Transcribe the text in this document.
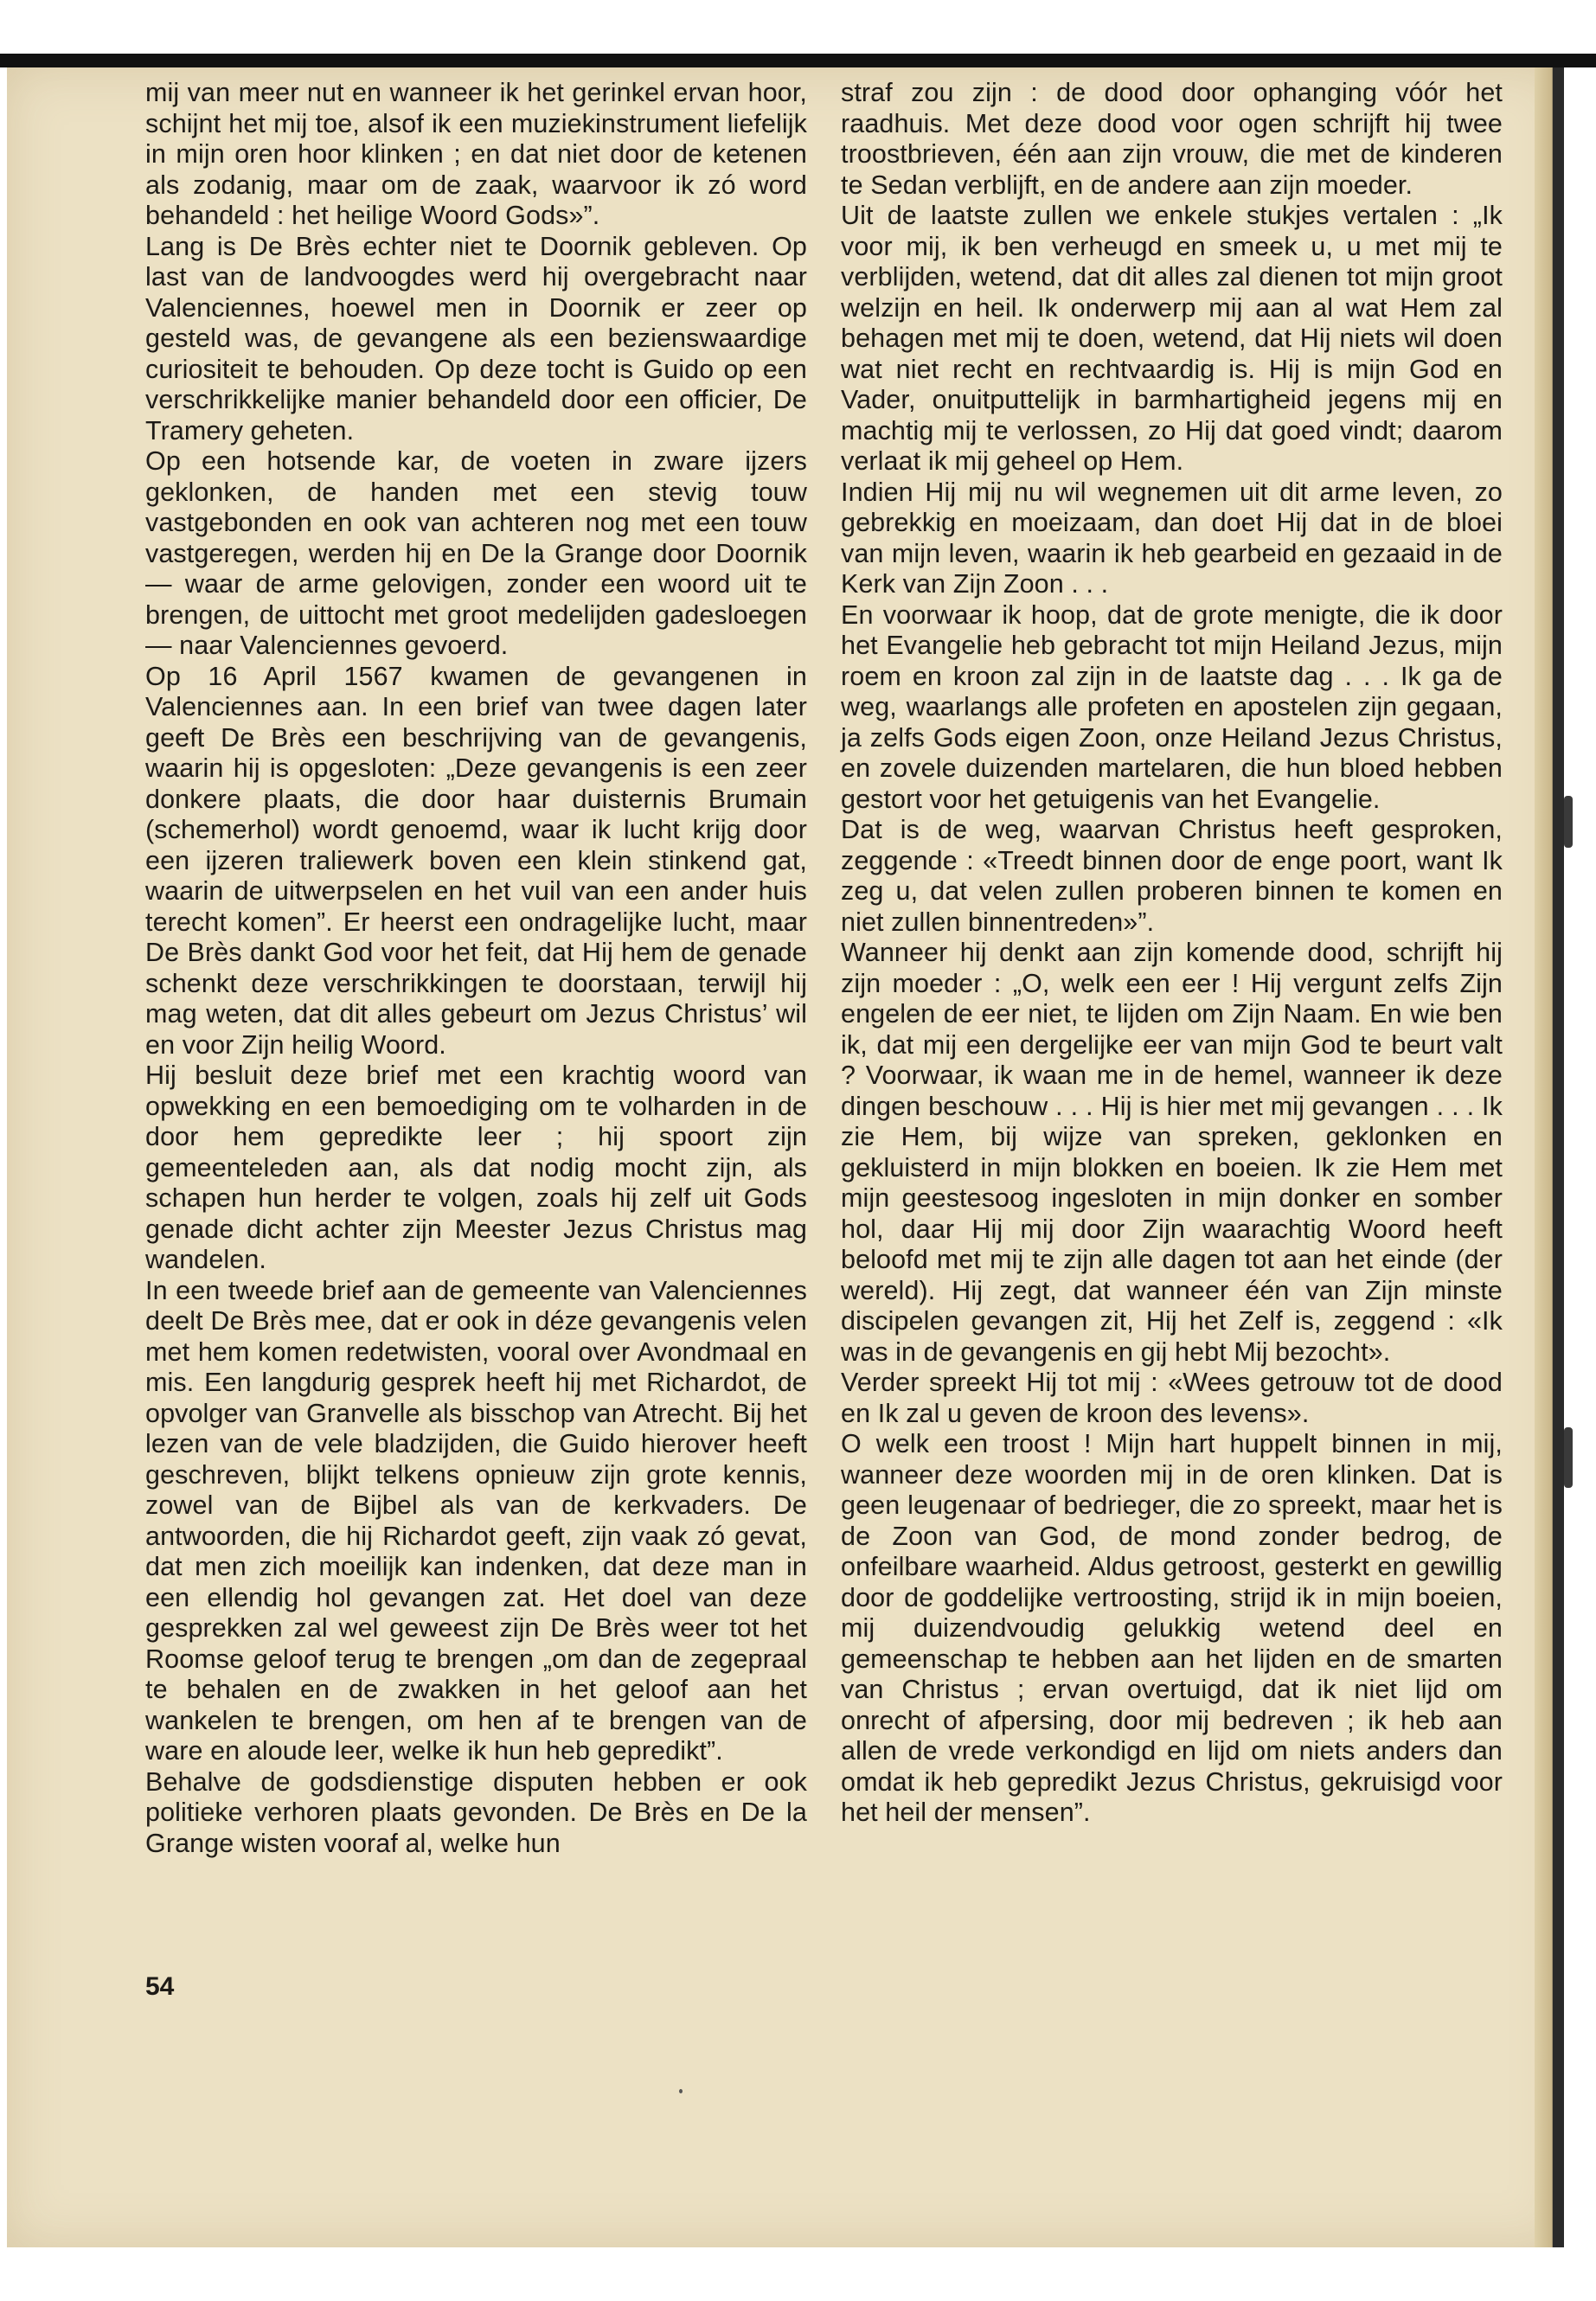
mij van meer nut en wanneer ik het gerinkel ervan hoor, schijnt het mij toe, alsof ik een muziekinstrument liefelijk in mijn oren hoor klinken ; en dat niet door de ketenen als zodanig, maar om de zaak, waarvoor ik zó word behandeld : het heilige Woord Gods»”.

Lang is De Brès echter niet te Doornik gebleven. Op last van de landvoogdes werd hij overgebracht naar Valenciennes, hoewel men in Doornik er zeer op gesteld was, de gevangene als een bezienswaardige curiositeit te behouden. Op deze tocht is Guido op een verschrikkelijke manier behandeld door een officier, De Tramery geheten.

Op een hotsende kar, de voeten in zware ijzers geklonken, de handen met een stevig touw vastgebonden en ook van achteren nog met een touw vastgeregen, werden hij en De la Grange door Doornik — waar de arme gelovigen, zonder een woord uit te brengen, de uittocht met groot medelijden gadesloegen — naar Valenciennes gevoerd.

Op 16 April 1567 kwamen de gevangenen in Valenciennes aan. In een brief van twee dagen later geeft De Brès een beschrijving van de gevangenis, waarin hij is opgesloten: „Deze gevangenis is een zeer donkere plaats, die door haar duisternis Brumain (schemerhol) wordt genoemd, waar ik lucht krijg door een ijzeren traliewerk boven een klein stinkend gat, waarin de uitwerpselen en het vuil van een ander huis terecht komen”. Er heerst een ondragelijke lucht, maar De Brès dankt God voor het feit, dat Hij hem de genade schenkt deze verschrikkingen te doorstaan, terwijl hij mag weten, dat dit alles gebeurt om Jezus Christus’ wil en voor Zijn heilig Woord.

Hij besluit deze brief met een krachtig woord van opwekking en een bemoediging om te volharden in de door hem gepredikte leer ; hij spoort zijn gemeenteleden aan, als dat nodig mocht zijn, als schapen hun herder te volgen, zoals hij zelf uit Gods genade dicht achter zijn Meester Jezus Christus mag wandelen.

In een tweede brief aan de gemeente van Valenciennes deelt De Brès mee, dat er ook in déze gevangenis velen met hem komen redetwisten, vooral over Avondmaal en mis. Een langdurig gesprek heeft hij met Richardot, de opvolger van Granvelle als bisschop van Atrecht. Bij het lezen van de vele bladzijden, die Guido hierover heeft geschreven, blijkt telkens opnieuw zijn grote kennis, zowel van de Bijbel als van de kerkvaders. De antwoorden, die hij Richardot geeft, zijn vaak zó gevat, dat men zich moeilijk kan indenken, dat deze man in een ellendig hol gevangen zat. Het doel van deze gesprekken zal wel geweest zijn De Brès weer tot het Roomse geloof terug te brengen „om dan de zegepraal te behalen en de zwakken in het geloof aan het wankelen te brengen, om hen af te brengen van de ware en aloude leer, welke ik hun heb gepredikt”.

Behalve de godsdienstige disputen hebben er ook politieke verhoren plaats gevonden. De Brès en De la Grange wisten vooraf al, welke hun

straf zou zijn : de dood door ophanging vóór het raadhuis. Met deze dood voor ogen schrijft hij twee troostbrieven, één aan zijn vrouw, die met de kinderen te Sedan verblijft, en de andere aan zijn moeder.

Uit de laatste zullen we enkele stukjes vertalen : „Ik voor mij, ik ben verheugd en smeek u, u met mij te verblijden, wetend, dat dit alles zal dienen tot mijn groot welzijn en heil. Ik onderwerp mij aan al wat Hem zal behagen met mij te doen, wetend, dat Hij niets wil doen wat niet recht en rechtvaardig is. Hij is mijn God en Vader, onuitputtelijk in barmhartigheid jegens mij en machtig mij te verlossen, zo Hij dat goed vindt; daarom verlaat ik mij geheel op Hem.

Indien Hij mij nu wil wegnemen uit dit arme leven, zo gebrekkig en moeizaam, dan doet Hij dat in de bloei van mijn leven, waarin ik heb gearbeid en gezaaid in de Kerk van Zijn Zoon . . .

En voorwaar ik hoop, dat de grote menigte, die ik door het Evangelie heb gebracht tot mijn Heiland Jezus, mijn roem en kroon zal zijn in de laatste dag . . . Ik ga de weg, waarlangs alle profeten en apostelen zijn gegaan, ja zelfs Gods eigen Zoon, onze Heiland Jezus Christus, en zovele duizenden martelaren, die hun bloed hebben gestort voor het getuigenis van het Evangelie.

Dat is de weg, waarvan Christus heeft gesproken, zeggende : «Treedt binnen door de enge poort, want Ik zeg u, dat velen zullen proberen binnen te komen en niet zullen binnentreden»”.

Wanneer hij denkt aan zijn komende dood, schrijft hij zijn moeder : „O, welk een eer ! Hij vergunt zelfs Zijn engelen de eer niet, te lijden om Zijn Naam. En wie ben ik, dat mij een dergelijke eer van mijn God te beurt valt ? Voorwaar, ik waan me in de hemel, wanneer ik deze dingen beschouw . . . Hij is hier met mij gevangen . . . Ik zie Hem, bij wijze van spreken, geklonken en gekluisterd in mijn blokken en boeien. Ik zie Hem met mijn geestesoog ingesloten in mijn donker en somber hol, daar Hij mij door Zijn waarachtig Woord heeft beloofd met mij te zijn alle dagen tot aan het einde (der wereld). Hij zegt, dat wanneer één van Zijn minste discipelen gevangen zit, Hij het Zelf is, zeggend : «Ik was in de gevangenis en gij hebt Mij bezocht».

Verder spreekt Hij tot mij : «Wees getrouw tot de dood en Ik zal u geven de kroon des levens».

O welk een troost ! Mijn hart huppelt binnen in mij, wanneer deze woorden mij in de oren klinken. Dat is geen leugenaar of bedrieger, die zo spreekt, maar het is de Zoon van God, de mond zonder bedrog, de onfeilbare waarheid. Aldus getroost, gesterkt en gewillig door de goddelijke vertroosting, strijd ik in mijn boeien, mij duizendvoudig gelukkig wetend deel en gemeenschap te hebben aan het lijden en de smarten van Christus ; ervan overtuigd, dat ik niet lijd om onrecht of afpersing, door mij bedreven ; ik heb aan allen de vrede verkondigd en lijd om niets anders dan omdat ik heb gepredikt Jezus Christus, gekruisigd voor het heil der mensen”.

54
